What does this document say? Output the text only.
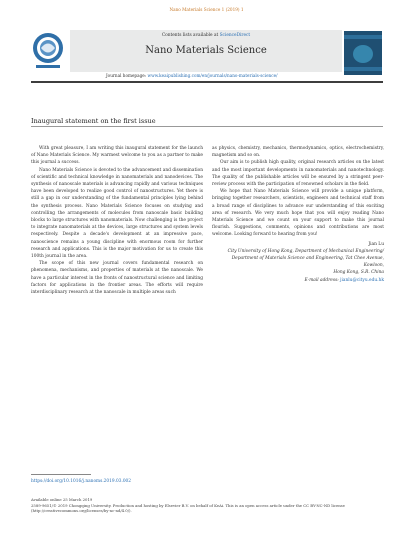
Nano Materials Science 1 (2019) 1
Contents lists available at ScienceDirect
Nano Materials Science
Journal homepage: www.keaipublishing.com/en/journals/nano-materials-science/
Inaugural statement on the first issue

With great pleasure, I am writing this inaugural statement for the launch of Nano Materials Science. My warmest welcome to you as a partner to make this journal a success.

Nano Materials Science is devoted to the advancement and dissemination of scientific and technical knowledge in nanomaterials and nanodevices. The synthesis of nanoscale materials is advancing rapidly and various techniques have been developed to realize good control of nanostructures. Yet there is still a gap in our understanding of the fundamental principles lying behind the synthesis process. Nano Materials Science focuses on studying and controlling the arrangements of molecules from nanoscale basic building blocks to large structures with nanomaterials. Now challenging is the project to integrate nanomaterials at the devices, large structures and system levels respectively. Despite a decade's development at an impressive pace, nanoscience remains a young discipline with enormous room for further research and applications. This is the major motivation for us to create this 100th journal in the area.

The scope of this new journal covers fundamental research on phenomena, mechanisms, and properties of materials at the nanoscale. We have a particular interest in the fronts of nanostructural science and limiting factors for applications in the frontier areas. The efforts will require interdisciplinary research at the nanoscale in multiple areas such

as physics, chemistry, mechanics, thermodynamics, optics, electrochemistry, magnetism and so on.

Our aim is to publish high quality, original research articles on the latest and the most important developments in nanomaterials and nanotechnology. The quality of the publishable articles will be ensured by a stringent peer-review process with the participation of renowned scholars in the field.

We hope that Nano Materials Science will provide a unique platform, bringing together researchers, scientists, engineers and technical staff from a broad range of disciplines to advance our understanding of this exciting area of research. We very much hope that you will enjoy reading Nano Materials Science and we count on your support to make this journal flourish. Suggestions, comments, opinions and contributions are most welcome. Looking forward to hearing from you!

Jian Lu
City University of Hong Kong, Department of Mechanical Engineering/
Department of Materials Science and Engineering, Tat Chee Avenue, Kowloon,
Hong Kong, S.R. China
E-mail address: jianlu@cityu.edu.hk
https://doi.org/10.1016/j.nanoms.2019.03.002
Available online 25 March 2019
2589-9651/© 2019 Chongqing University. Production and hosting by Elsevier B.V. on behalf of KeAi. This is an open access article under the CC BY-NC-ND license (http://creativecommons.org/licenses/by-nc-nd/4.0/).
